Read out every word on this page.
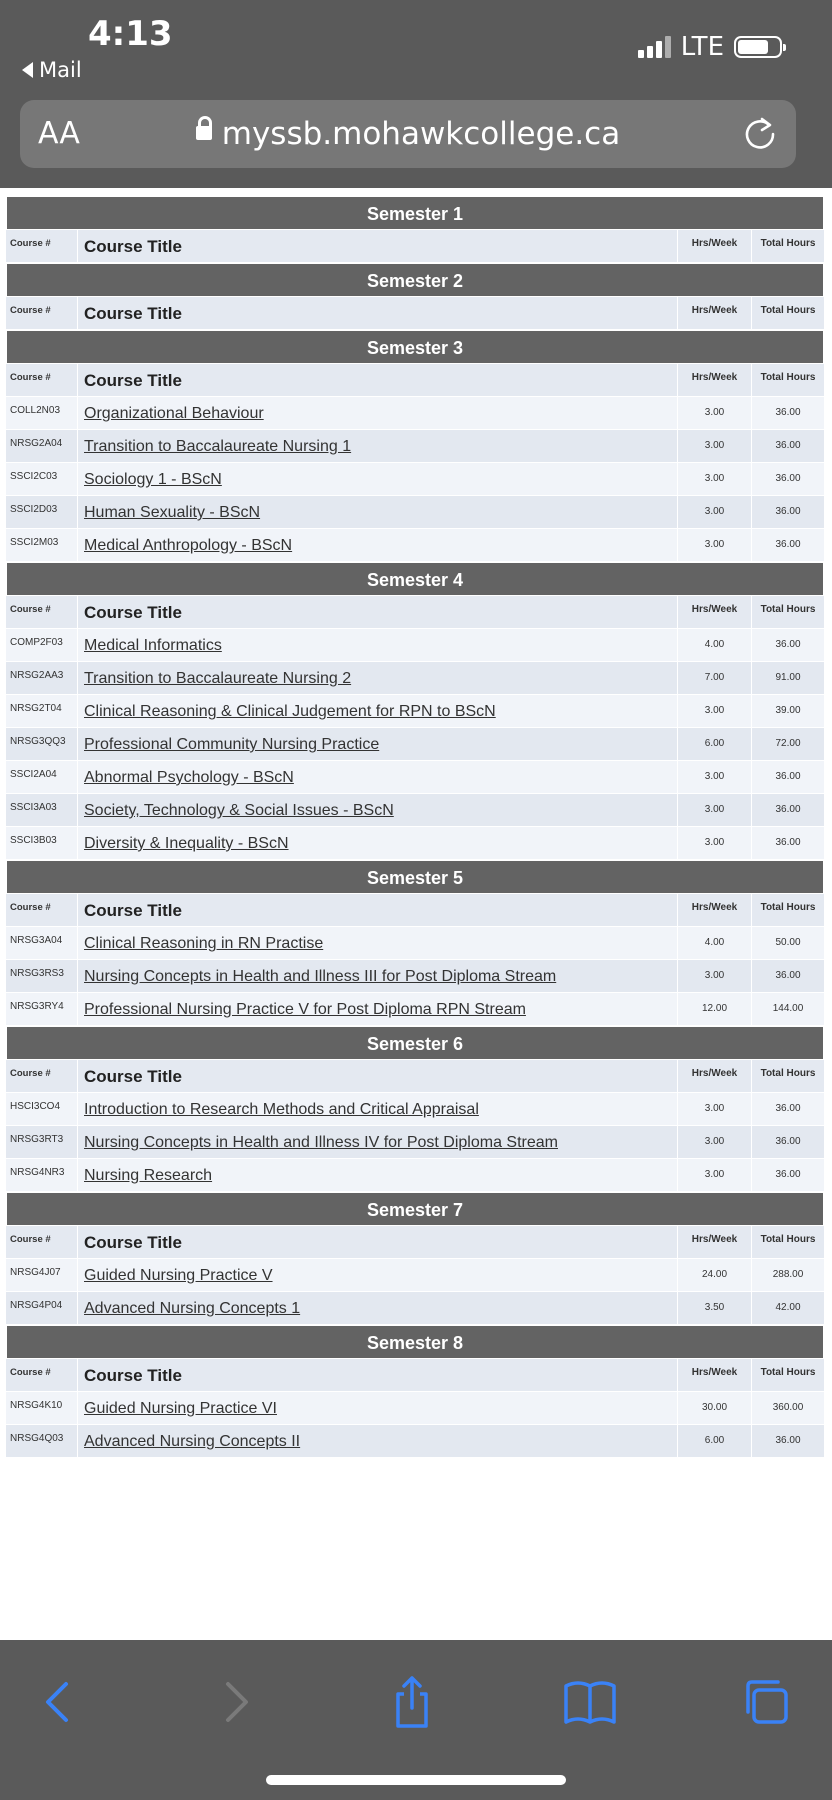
4:13
Mail
LTE
AA	myssb.mohawkcollege.ca
Semester 1
Course #	Course Title	Hrs/Week	Total Hours
Semester 2
Course #	Course Title	Hrs/Week	Total Hours
Semester 3
Course #	Course Title	Hrs/Week	Total Hours
COLL2N03	Organizational Behaviour	3.00	36.00
NRSG2A04	Transition to Baccalaureate Nursing 1	3.00	36.00
SSCI2C03	Sociology 1 - BScN	3.00	36.00
SSCI2D03	Human Sexuality - BScN	3.00	36.00
SSCI2M03	Medical Anthropology - BScN	3.00	36.00
Semester 4
Course #	Course Title	Hrs/Week	Total Hours
COMP2F03	Medical Informatics	4.00	36.00
NRSG2AA3	Transition to Baccalaureate Nursing 2	7.00	91.00
NRSG2T04	Clinical Reasoning & Clinical Judgement for RPN to BScN	3.00	39.00
NRSG3QQ3	Professional Community Nursing Practice	6.00	72.00
SSCI2A04	Abnormal Psychology - BScN	3.00	36.00
SSCI3A03	Society, Technology & Social Issues - BScN	3.00	36.00
SSCI3B03	Diversity & Inequality - BScN	3.00	36.00
Semester 5
Course #	Course Title	Hrs/Week	Total Hours
NRSG3A04	Clinical Reasoning in RN Practise	4.00	50.00
NRSG3RS3	Nursing Concepts in Health and Illness III for Post Diploma Stream	3.00	36.00
NRSG3RY4	Professional Nursing Practice V for Post Diploma RPN Stream	12.00	144.00
Semester 6
Course #	Course Title	Hrs/Week	Total Hours
HSCI3CO4	Introduction to Research Methods and Critical Appraisal	3.00	36.00
NRSG3RT3	Nursing Concepts in Health and Illness IV for Post Diploma Stream	3.00	36.00
NRSG4NR3	Nursing Research	3.00	36.00
Semester 7
Course #	Course Title	Hrs/Week	Total Hours
NRSG4J07	Guided Nursing Practice V	24.00	288.00
NRSG4P04	Advanced Nursing Concepts 1	3.50	42.00
Semester 8
Course #	Course Title	Hrs/Week	Total Hours
NRSG4K10	Guided Nursing Practice VI	30.00	360.00
NRSG4Q03	Advanced Nursing Concepts II	6.00	36.00
